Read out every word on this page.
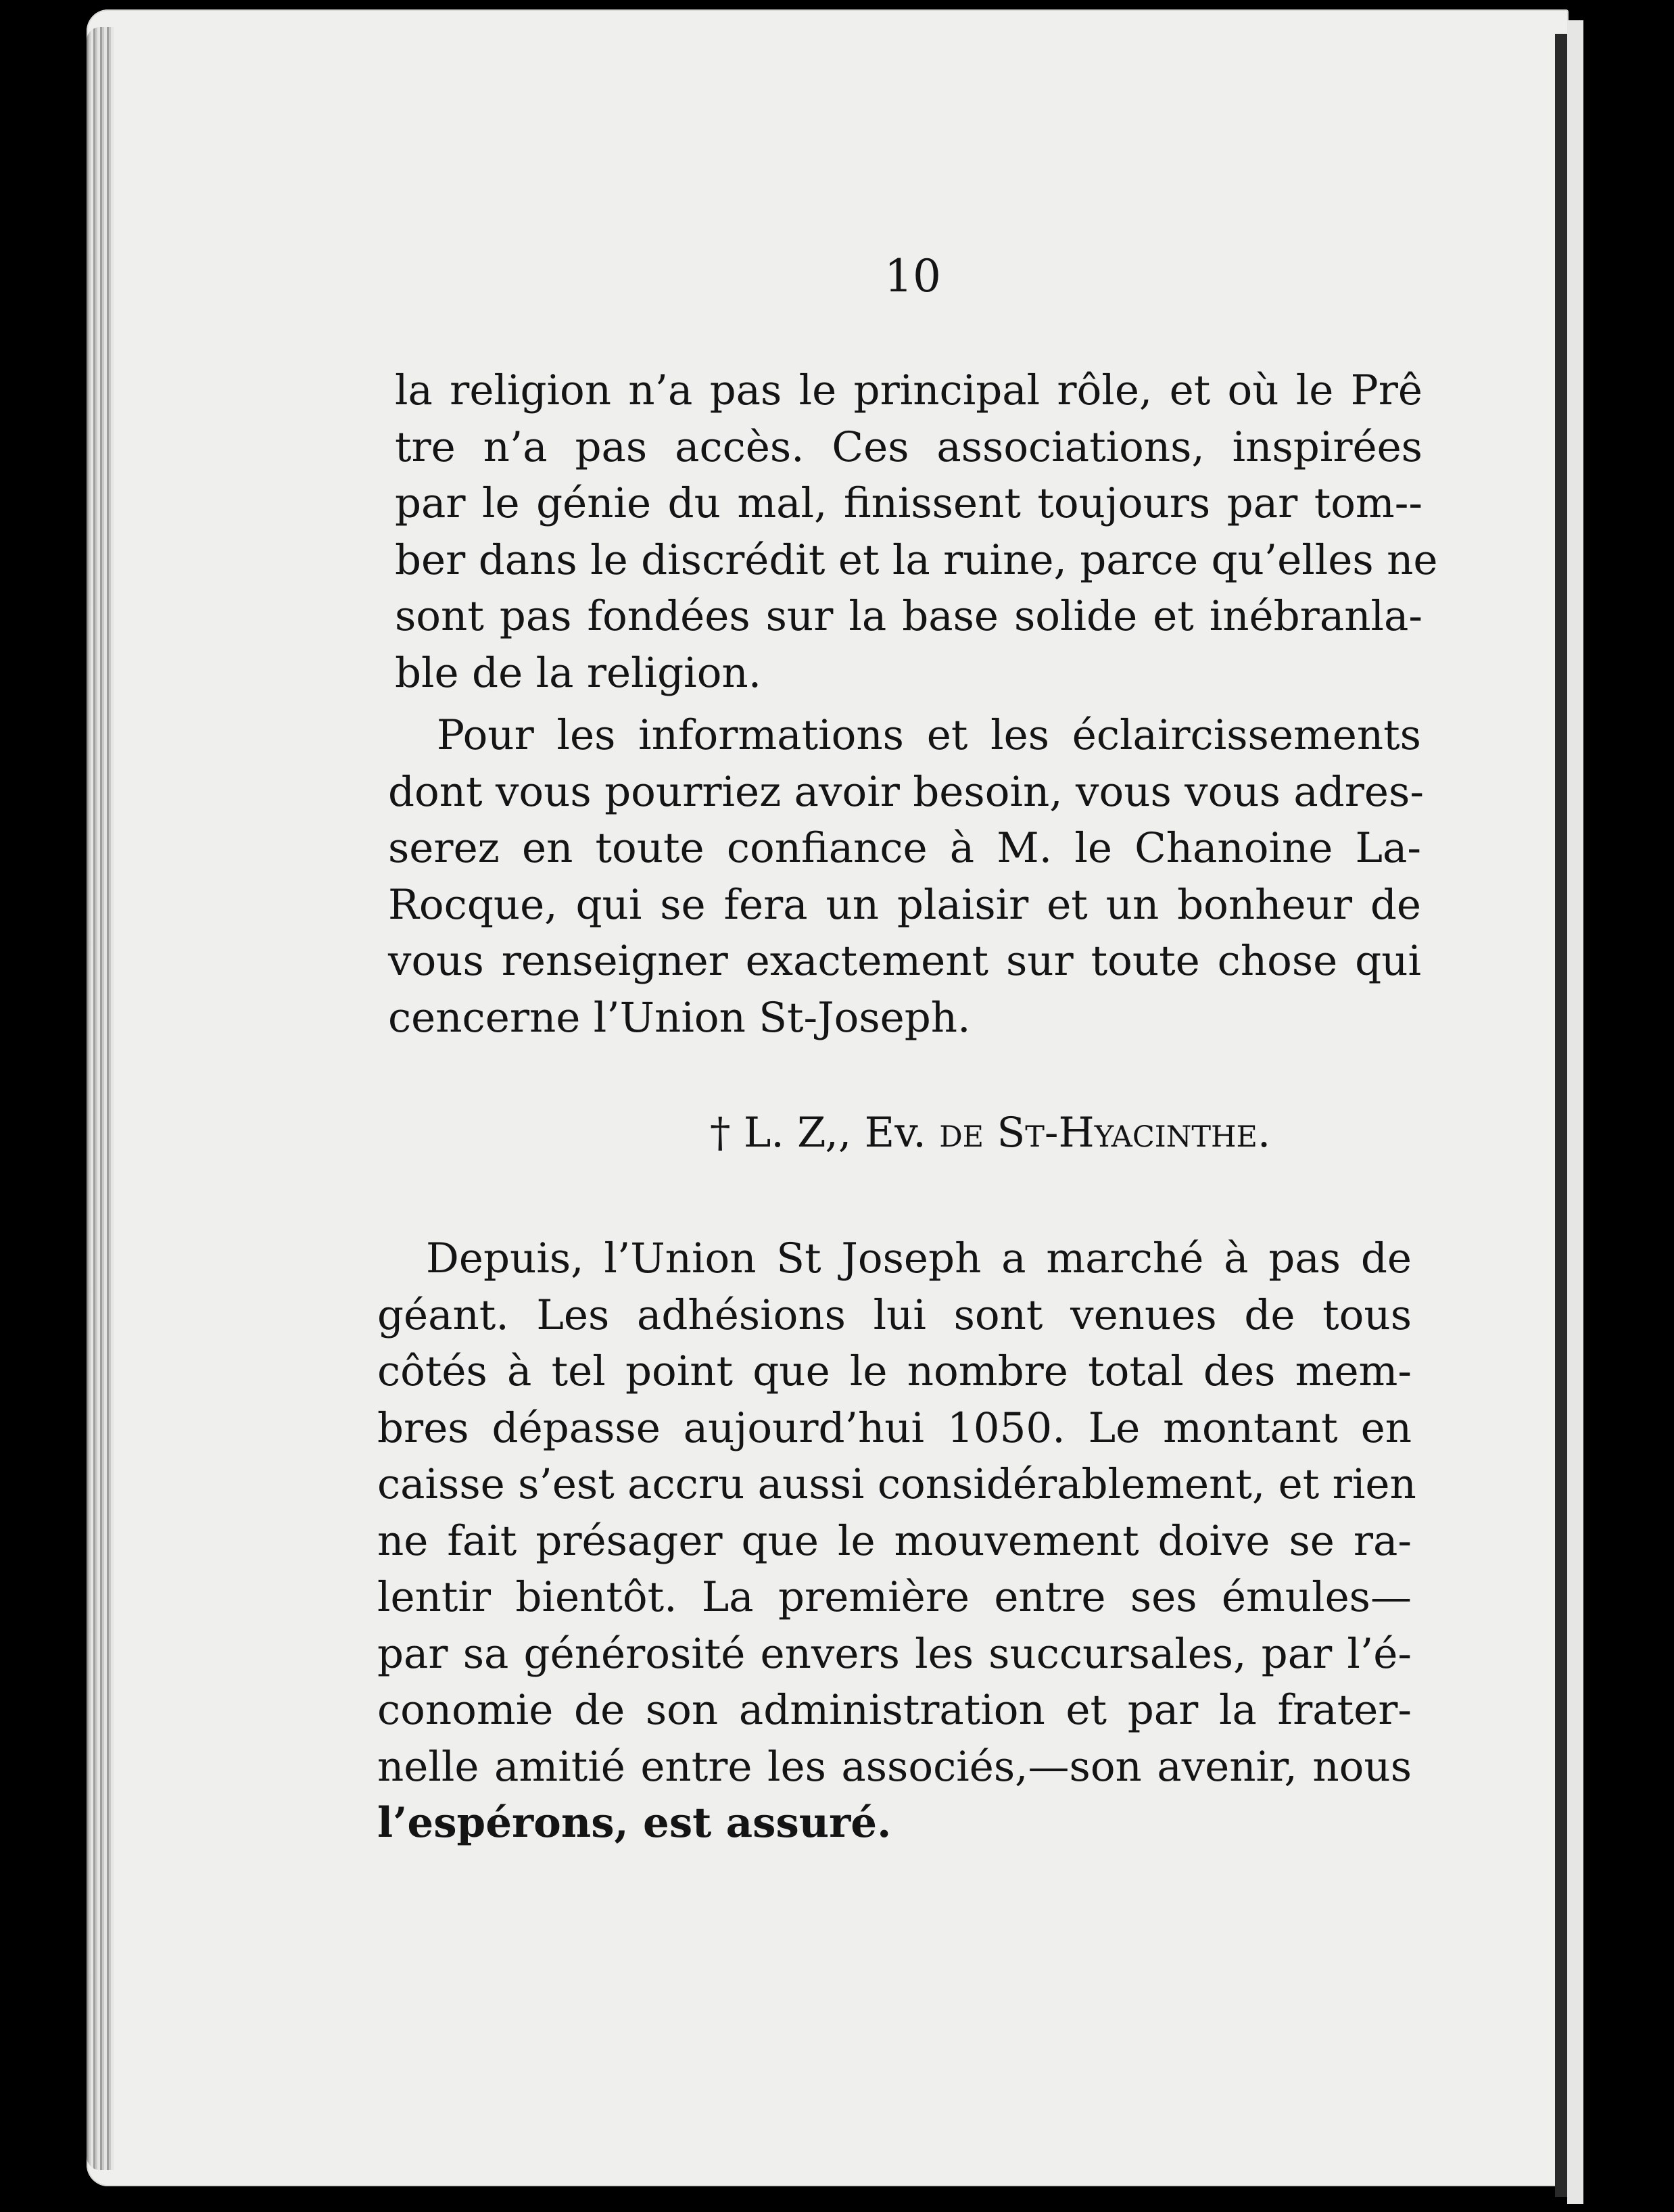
10
la religion n’a pas le principal rôle, et où le Prê
tre n’a pas accès. Ces associations, inspirées
par le génie du mal, finissent toujours par tom--
ber dans le discrédit et la ruine, parce qu’elles ne
sont pas fondées sur la base solide et inébranla-
ble de la religion.
Pour les informations et les éclaircissements
dont vous pourriez avoir besoin, vous vous adres-
serez en toute confiance à M. le Chanoine La-
Rocque, qui se fera un plaisir et un bonheur de
vous renseigner exactement sur toute chose qui
cencerne l’Union St-Joseph.
† L. Z,, Ev. de St-Hyacinthe.
Depuis, l’Union St Joseph a marché à pas de
géant. Les adhésions lui sont venues de tous
côtés à tel point que le nombre total des mem-
bres dépasse aujourd’hui 1050. Le montant en
caisse s’est accru aussi considérablement, et rien
ne fait présager que le mouvement doive se ra-
lentir bientôt. La première entre ses émules—
par sa générosité envers les succursales, par l’é-
conomie de son administration et par la frater-
nelle amitié entre les associés,—son avenir, nous
l’espérons, est assuré.
